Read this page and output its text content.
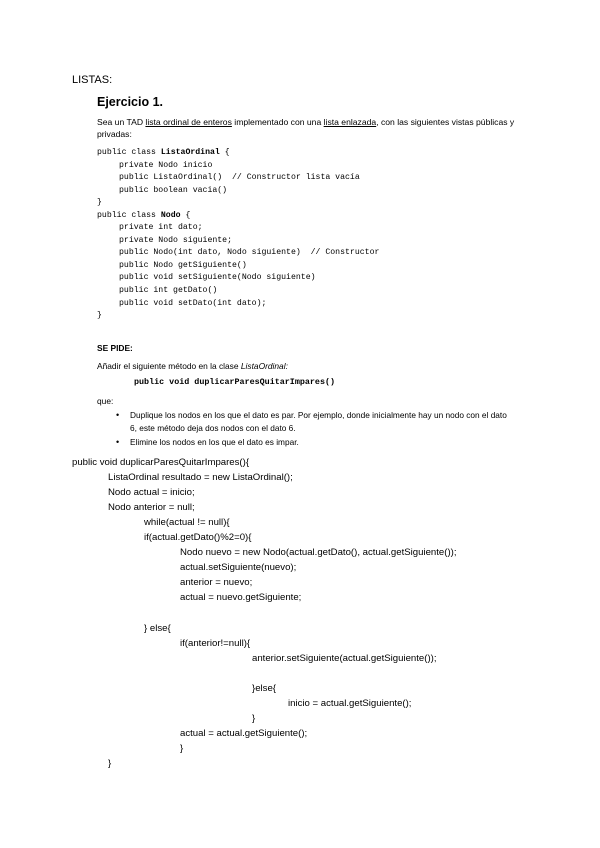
LISTAS:
Ejercicio 1.
Sea un TAD lista ordinal de enteros implementado con una lista enlazada, con las siguientes vistas públicas y privadas:
public class ListaOrdinal {
private Nodo inicio
public ListaOrdinal()  // Constructor lista vacía
public boolean vacia()
}
public class Nodo {
private int dato;
private Nodo siguiente;
public Nodo(int dato, Nodo siguiente)  // Constructor
public Nodo getSiguiente()
public void setSiguiente(Nodo siguiente)
public int getDato()
public void setDato(int dato);
}
SE PIDE:
Añadir el siguiente método en la clase ListaOrdinal:
public void duplicarParesQuitarImpares()
que:
•	Duplique los nodos en los que el dato es par. Por ejemplo, donde inicialmente hay un nodo con el dato 6, este método deja dos nodos con el dato 6.
•	Elimine los nodos en los que el dato es impar.
public void duplicarParesQuitarImpares(){
ListaOrdinal resultado = new ListaOrdinal();
Nodo actual = inicio;
Nodo anterior = null;
while(actual != null){
if(actual.getDato()%2=0){
Nodo nuevo = new Nodo(actual.getDato(), actual.getSiguiente());
actual.setSiguiente(nuevo);
anterior = nuevo;
actual = nuevo.getSiguiente;
} else{
if(anterior!=null){
anterior.setSiguiente(actual.getSiguiente());
}else{
inicio = actual.getSiguiente();
}
actual = actual.getSiguiente();
}
}
